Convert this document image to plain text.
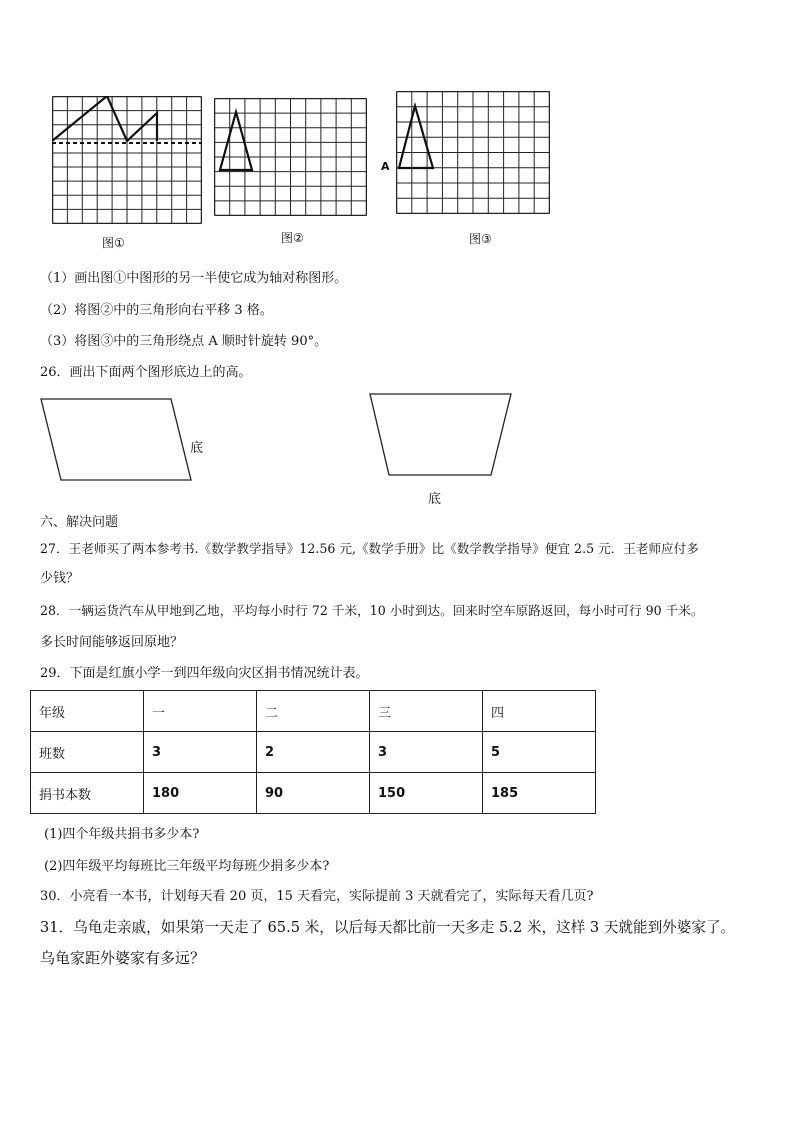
图①	图②
A
图③
（1）画出图①中图形的另一半使它成为轴对称图形。
（2）将图②中的三角形向右平移 3 格。
（3）将图③中的三角形绕点 A 顺时针旋转 90°。
26．画出下面两个图形底边上的高。
底
底
六、解决问题
27．王老师买了两本参考书.《数学教学指导》12.56 元,《数学手册》比《数学教学指导》便宜 2.5 元．王老师应付多
少钱？
28．一辆运货汽车从甲地到乙地，平均每小时行 72 千米，10 小时到达。回来时空车原路返回，每小时可行 90 千米。
多长时间能够返回原地？
29．下面是红旗小学一到四年级向灾区捐书情况统计表。
年级	一	二	三	四
班数	3	2	3	5
捐书本数	180	90	150	185
(1)四个年级共捐书多少本?
(2)四年级平均每班比三年级平均每班少捐多少本?
30．小亮看一本书，计划每天看 20 页，15 天看完，实际提前 3 天就看完了，实际每天看几页?
31．乌龟走亲戚，如果第一天走了 65.5 米，以后每天都比前一天多走 5.2 米，这样 3 天就能到外婆家了。
乌龟家距外婆家有多远？
